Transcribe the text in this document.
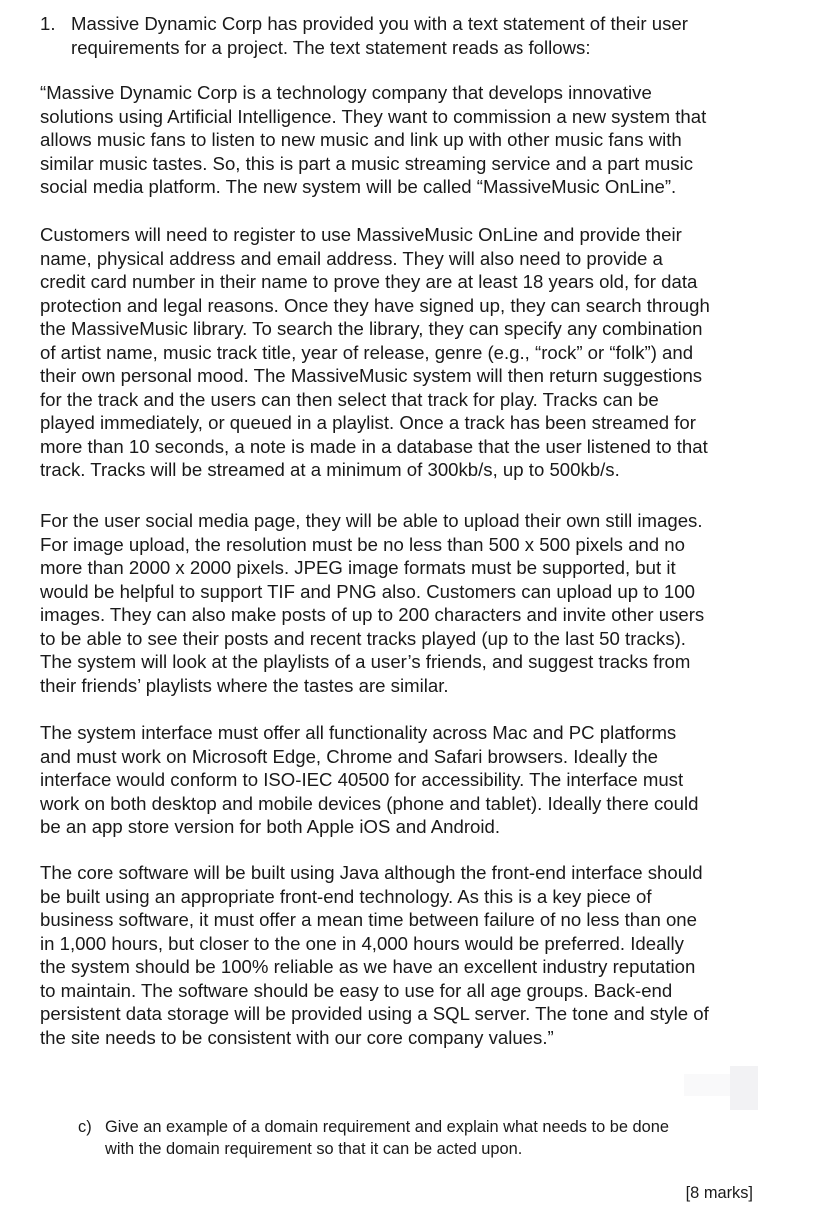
1. Massive Dynamic Corp has provided you with a text statement of their user
requirements for a project. The text statement reads as follows:
“Massive Dynamic Corp is a technology company that develops innovative
solutions using Artificial Intelligence. They want to commission a new system that
allows music fans to listen to new music and link up with other music fans with
similar music tastes. So, this is part a music streaming service and a part music
social media platform. The new system will be called “MassiveMusic OnLine”.
Customers will need to register to use MassiveMusic OnLine and provide their
name, physical address and email address. They will also need to provide a
credit card number in their name to prove they are at least 18 years old, for data
protection and legal reasons. Once they have signed up, they can search through
the MassiveMusic library. To search the library, they can specify any combination
of artist name, music track title, year of release, genre (e.g., “rock” or “folk”) and
their own personal mood. The MassiveMusic system will then return suggestions
for the track and the users can then select that track for play. Tracks can be
played immediately, or queued in a playlist. Once a track has been streamed for
more than 10 seconds, a note is made in a database that the user listened to that
track. Tracks will be streamed at a minimum of 300kb/s, up to 500kb/s.
For the user social media page, they will be able to upload their own still images.
For image upload, the resolution must be no less than 500 x 500 pixels and no
more than 2000 x 2000 pixels. JPEG image formats must be supported, but it
would be helpful to support TIF and PNG also. Customers can upload up to 100
images. They can also make posts of up to 200 characters and invite other users
to be able to see their posts and recent tracks played (up to the last 50 tracks).
The system will look at the playlists of a user’s friends, and suggest tracks from
their friends’ playlists where the tastes are similar.
The system interface must offer all functionality across Mac and PC platforms
and must work on Microsoft Edge, Chrome and Safari browsers. Ideally the
interface would conform to ISO-IEC 40500 for accessibility. The interface must
work on both desktop and mobile devices (phone and tablet). Ideally there could
be an app store version for both Apple iOS and Android.
The core software will be built using Java although the front-end interface should
be built using an appropriate front-end technology. As this is a key piece of
business software, it must offer a mean time between failure of no less than one
in 1,000 hours, but closer to the one in 4,000 hours would be preferred. Ideally
the system should be 100% reliable as we have an excellent industry reputation
to maintain. The software should be easy to use for all age groups. Back-end
persistent data storage will be provided using a SQL server. The tone and style of
the site needs to be consistent with our core company values.”
c) Give an example of a domain requirement and explain what needs to be done
with the domain requirement so that it can be acted upon.
[8 marks]
